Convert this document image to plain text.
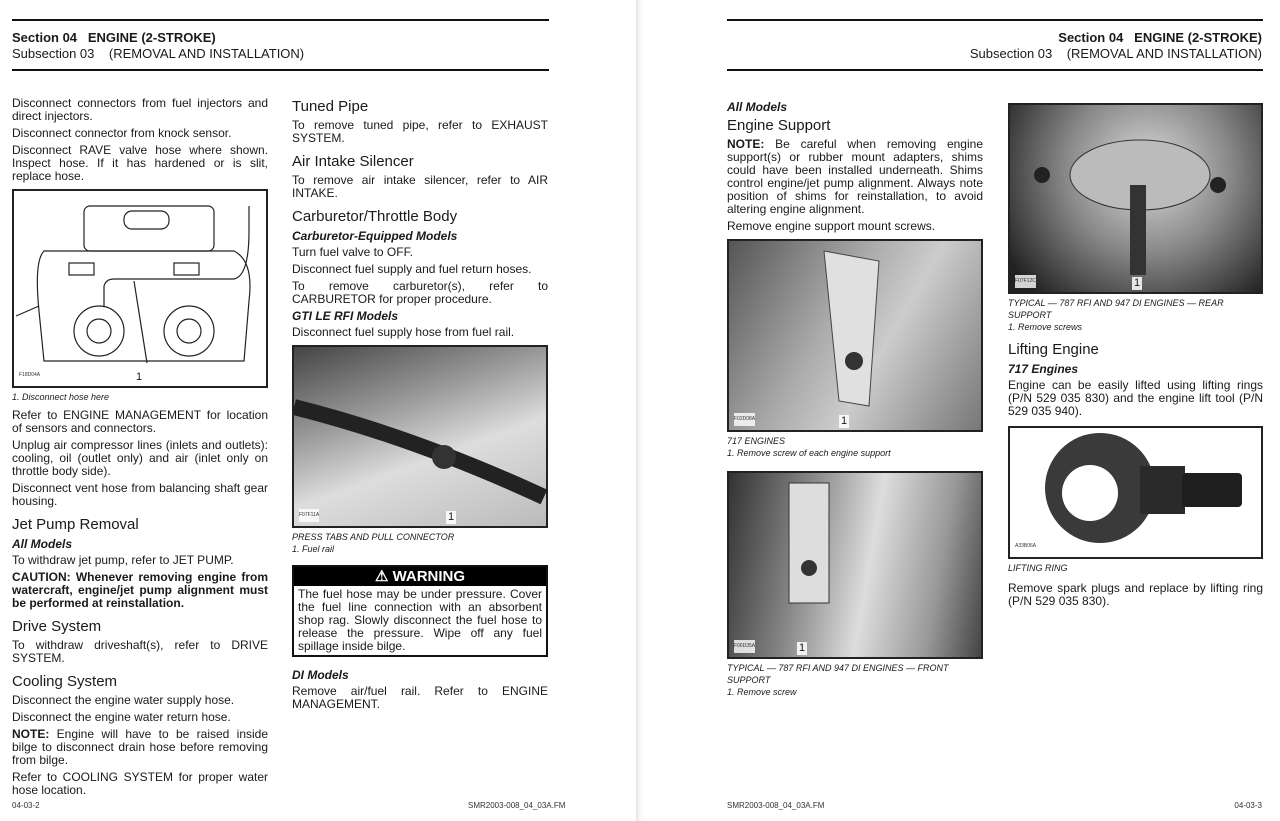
Section 04 ENGINE (2-STROKE)
Subsection 03 (REMOVAL AND INSTALLATION)

Disconnect connectors from fuel injectors and direct injectors.

Disconnect connector from knock sensor.

Disconnect RAVE valve hose where shown. Inspect hose. If it has hardened or is slit, replace hose.

F18D04A	1
1. Disconnect hose here

Refer to ENGINE MANAGEMENT for location of sensors and connectors.

Unplug air compressor lines (inlets and outlets): cooling, oil (outlet only) and air (inlet only on throttle body side).

Disconnect vent hose from balancing shaft gear housing.

Jet Pump Removal
All Models

To withdraw jet pump, refer to JET PUMP.

CAUTION: Whenever removing engine from watercraft, engine/jet pump alignment must be performed at reinstallation.

Drive System

To withdraw driveshaft(s), refer to DRIVE SYSTEM.

Cooling System

Disconnect the engine water supply hose.

Disconnect the engine water return hose.

NOTE: Engine will have to be raised inside bilge to disconnect drain hose before removing from bilge.

Refer to COOLING SYSTEM for proper water hose location.

Tuned Pipe

To remove tuned pipe, refer to EXHAUST SYSTEM.

Air Intake Silencer

To remove air intake silencer, refer to AIR INTAKE.

Carburetor/Throttle Body
Carburetor-Equipped Models

Turn fuel valve to OFF.

Disconnect fuel supply and fuel return hoses.

To remove carburetor(s), refer to CARBURETOR for proper procedure.

GTI LE RFI Models

Disconnect fuel supply hose from fuel rail.

F07F11A	1
PRESS TABS AND PULL CONNECTOR
1. Fuel rail
⚠ WARNING
The fuel hose may be under pressure. Cover the fuel line connection with an absorbent shop rag. Slowly disconnect the fuel hose to release the pressure. Wipe off any fuel spillage inside bilge.
DI Models

Remove air/fuel rail. Refer to ENGINE MANAGEMENT.

04-03-2	SMR2003-008_04_03A.FM
Section 04 ENGINE (2-STROKE)
Subsection 03 (REMOVAL AND INSTALLATION)
All Models
Engine Support

NOTE: Be careful when removing engine support(s) or rubber mount adapters, shims could have been installed underneath. Shims control engine/jet pump alignment. Always note position of shims for reinstallation, to avoid altering engine alignment.

Remove engine support mount screws.

F02D08A	1
717 ENGINES
1. Remove screw of each engine support
F06D35A	1
TYPICAL — 787 RFI AND 947 DI ENGINES — FRONT SUPPORT
1. Remove screw
F07F12C	1
TYPICAL — 787 RFI AND 947 DI ENGINES — REAR SUPPORT
1. Remove screws
Lifting Engine
717 Engines

Engine can be easily lifted using lifting rings (P/N 529 035 830) and the engine lift tool (P/N 529 035 940).

A33B06A
LIFTING RING

Remove spark plugs and replace by lifting ring (P/N 529 035 830).

SMR2003-008_04_03A.FM	04-03-3
